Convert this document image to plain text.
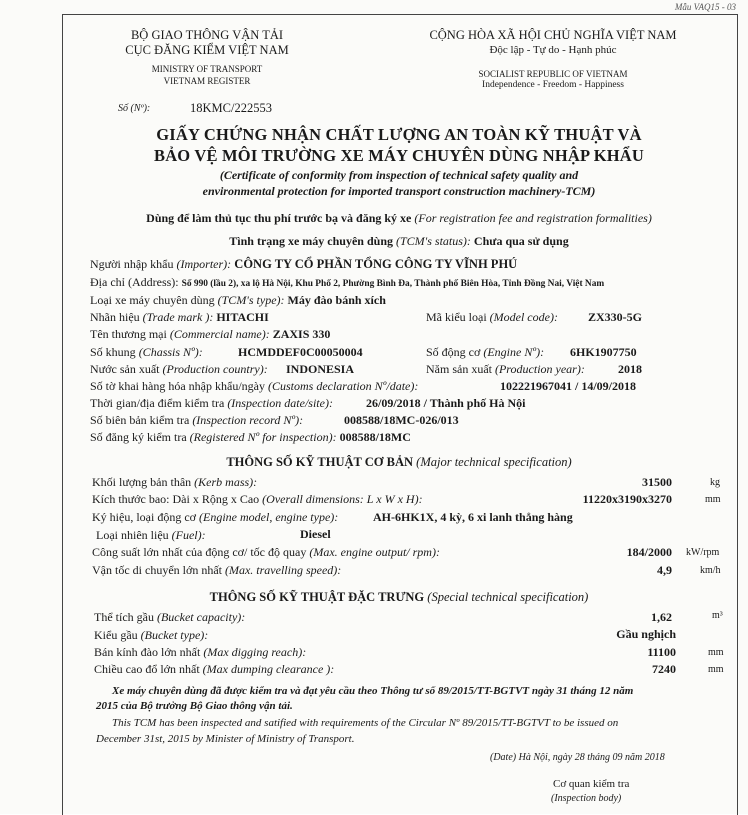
Mẫu VAQ15 - 03
BỘ GIAO THÔNG VẬN TẢI
CỤC ĐĂNG KIỂM VIỆT NAM
MINISTRY OF TRANSPORT
VIETNAM REGISTER
CỘNG HÒA XÃ HỘI CHỦ NGHĨA VIỆT NAM
Độc lập - Tự do - Hạnh phúc
SOCIALIST REPUBLIC OF VIETNAM
Independence - Freedom - Happiness
Số (Nº):	18KMC/222553
GIẤY CHỨNG NHẬN CHẤT LƯỢNG AN TOÀN KỸ THUẬT VÀ
BẢO VỆ MÔI TRƯỜNG XE MÁY CHUYÊN DÙNG NHẬP KHẨU
(Certificate of conformity from inspection of technical safety quality and
environmental protection for imported transport construction machinery-TCM)
Dùng để làm thủ tục thu phí trước bạ và đăng ký xe (For registration fee and registration formalities)
Tình trạng xe máy chuyên dùng (TCM's status): Chưa qua sử dụng
Người nhập khẩu (Importer): CÔNG TY CỔ PHẦN TỔNG CÔNG TY VĨNH PHÚ
Địa chỉ (Address): Số 990 (lầu 2), xa lộ Hà Nội, Khu Phố 2, Phường Bình Đa, Thành phố Biên Hòa, Tỉnh Đồng Nai, Việt Nam
Loại xe máy chuyên dùng (TCM's type): Máy đào bánh xích
Nhãn hiệu (Trade mark ): HITACHI	Mã kiểu loại (Model code):	ZX330-5G
Tên thương mại (Commercial name): ZAXIS 330
Số khung (Chassis Nº):	HCMDDEF0C00050004	Số động cơ (Engine Nº): 6HK1907750
Nước sản xuất (Production country): INDONESIA	Năm sản xuất (Production year):	2018
Số tờ khai hàng hóa nhập khẩu/ngày (Customs declaration Nº/date):	102221967041 / 14/09/2018
Thời gian/địa điểm kiểm tra (Inspection date/site):	26/09/2018 / Thành phố Hà Nội
Số biên bản kiểm tra (Inspection record Nº):	008588/18MC-026/013
Số đăng ký kiểm tra (Registered Nº for inspection): 008588/18MC
THÔNG SỐ KỸ THUẬT CƠ BẢN (Major technical specification)
Khối lượng bản thân (Kerb mass):	31500	kg
Kích thước bao: Dài x Rộng x Cao (Overall dimensions: L x W x H):	11220x3190x3270	mm
Ký hiệu, loại động cơ (Engine model, engine type):	AH-6HK1X, 4 kỳ, 6 xi lanh thẳng hàng
Loại nhiên liệu (Fuel):	Diesel
Công suất lớn nhất của động cơ/ tốc độ quay (Max. engine output/ rpm):	184/2000 kW/rpm
Vận tốc di chuyển lớn nhất (Max. travelling speed):	4,9	km/h
THÔNG SỐ KỸ THUẬT ĐẶC TRƯNG (Special technical specification)
Thể tích gầu (Bucket capacity):	1,62	m³
Kiểu gầu (Bucket type):	Gầu nghịch
Bán kính đào lớn nhất (Max digging reach):	11100	mm
Chiều cao đổ lớn nhất (Max dumping clearance ):	7240	mm
Xe máy chuyên dùng đã được kiểm tra và đạt yêu cầu theo Thông tư số 89/2015/TT-BGTVT ngày 31 tháng 12 năm
2015 của Bộ trưởng Bộ Giao thông vận tải.
This TCM has been inspected and satified with requirements of the Circular Nº 89/2015/TT-BGTVT to be issued on
December 31st, 2015 by Minister of Ministry of Transport.
(Date) Hà Nội, ngày 28 tháng 09 năm 2018
Cơ quan kiểm tra
(Inspection body)
